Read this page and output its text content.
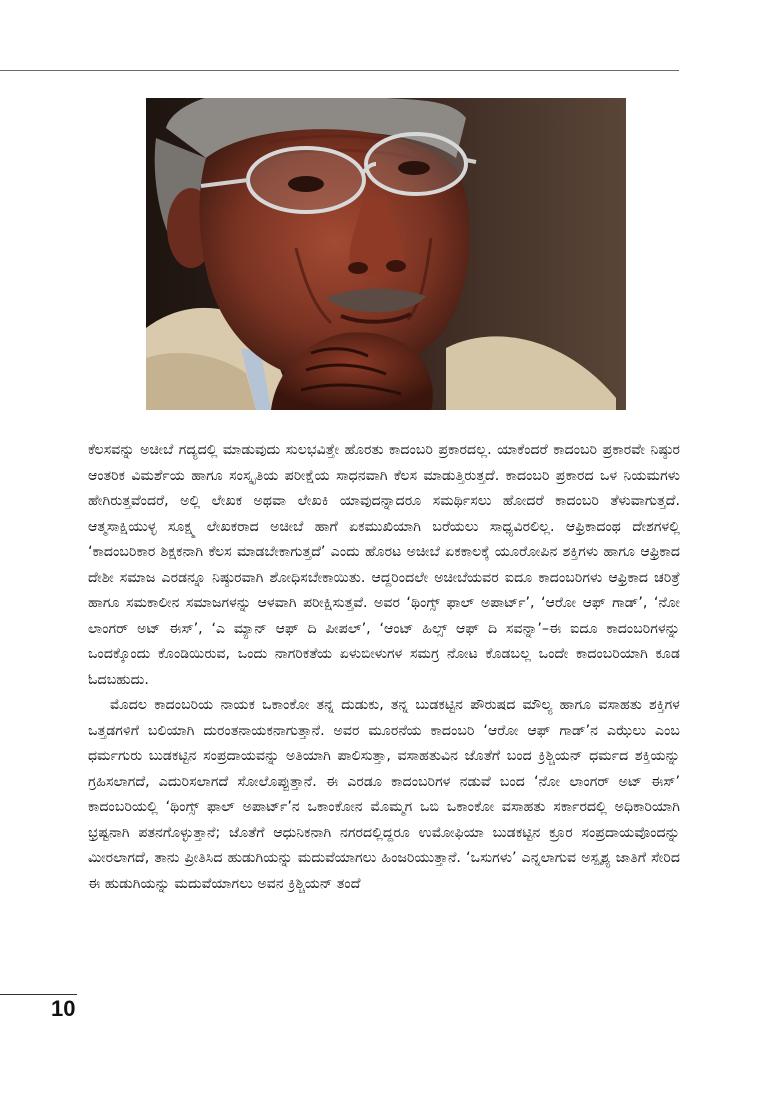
ಕೆಲಸವನ್ನು ಅಚೀಬೆ ಗದ್ಯದಲ್ಲಿ ಮಾಡುವುದು ಸುಲಭವಿತ್ತೇ ಹೊರತು ಕಾದಂಬರಿ ಪ್ರಕಾರದಲ್ಲ. ಯಾಕೆಂದರೆ ಕಾದಂಬರಿ ಪ್ರಕಾರವೇ ನಿಷ್ಠುರ ಆಂತರಿಕ ವಿಮರ್ಶೆಯ ಹಾಗೂ ಸಂಸ್ಕೃತಿಯ ಪರೀಕ್ಷೆಯ ಸಾಧನವಾಗಿ ಕೆಲಸ ಮಾಡುತ್ತಿರುತ್ತದೆ. ಕಾದಂಬರಿ ಪ್ರಕಾರದ ಒಳ ನಿಯಮಗಳು ಹೇಗಿರುತ್ತವೆಂದರೆ, ಅಲ್ಲಿ ಲೇಖಕ ಅಥವಾ ಲೇಖಕಿ ಯಾವುದನ್ನಾದರೂ ಸಮರ್ಥಿಸಲು ಹೋದರೆ ಕಾದಂಬರಿ ತೆಳುವಾಗುತ್ತದೆ. ಆತ್ಮಸಾಕ್ಷಿಯುಳ್ಳ ಸೂಕ್ಷ್ಮ ಲೇಖಕರಾದ ಅಚೀಬೆ ಹಾಗೆ ಏಕಮುಖಿಯಾಗಿ ಬರೆಯಲು ಸಾಧ್ಯವಿರಲಿಲ್ಲ. ಆಫ್ರಿಕಾದಂಥ ದೇಶಗಳಲ್ಲಿ ‘ಕಾದಂಬರಿಕಾರ ಶಿಕ್ಷಕನಾಗಿ ಕೆಲಸ ಮಾಡಬೇಕಾಗುತ್ತದೆ’ ಎಂದು ಹೊರಟ ಅಚೀಬೆ ಏಕಕಾಲಕ್ಕೆ ಯೂರೋಪಿನ ಶಕ್ತಿಗಳು ಹಾಗೂ ಆಫ್ರಿಕಾದ ದೇಶೀ ಸಮಾಜ ಎರಡನ್ನೂ ನಿಷ್ಠುರವಾಗಿ ಶೋಧಿಸಬೇಕಾಯಿತು. ಆದ್ದರಿಂದಲೇ ಅಚೀಬೆಯವರ ಐದೂ ಕಾದಂಬರಿಗಳು ಆಫ್ರಿಕಾದ ಚರಿತ್ರೆ ಹಾಗೂ ಸಮಕಾಲೀನ ಸಮಾಜಗಳನ್ನು ಆಳವಾಗಿ ಪರೀಕ್ಷಿಸುತ್ತವೆ. ಅವರ ‘ಥಿಂಗ್ಸ್ ಫಾಲ್ ಅಪಾರ್ಟ್’, ‘ಆರೋ ಆಫ್ ಗಾಡ್’, ‘ನೋ ಲಾಂಗರ್ ಅಟ್ ಈಸ್’, ‘ಎ ಮ್ಯಾನ್ ಆಫ್ ದಿ ಪೀಪಲ್’, ‘ಆಂಟ್ ಹಿಲ್ಸ್ ಆಫ್ ದಿ ಸವನ್ನಾ’–ಈ ಐದೂ ಕಾದಂಬರಿಗಳನ್ನು ಒಂದಕ್ಕೊಂದು ಕೊಂಡಿಯಿರುವ, ಒಂದು ನಾಗರಿಕತೆಯ ಏಳುಬೀಳುಗಳ ಸಮಗ್ರ ನೋಟ ಕೊಡಬಲ್ಲ ಒಂದೇ ಕಾದಂಬರಿಯಾಗಿ ಕೂಡ ಓದಬಹುದು.

ಮೊದಲ ಕಾದಂಬರಿಯ ನಾಯಕ ಒಕಾಂಕೋ ತನ್ನ ದುಡುಕು, ತನ್ನ ಬುಡಕಟ್ಟಿನ ಪೌರುಷದ ಮೌಲ್ಯ ಹಾಗೂ ವಸಾಹತು ಶಕ್ತಿಗಳ ಒತ್ತಡಗಳಿಗೆ ಬಲಿಯಾಗಿ ದುರಂತನಾಯಕನಾಗುತ್ತಾನೆ. ಅವರ ಮೂರನೆಯ ಕಾದಂಬರಿ ‘ಆರೋ ಆಫ್ ಗಾಡ್’ನ ಎಝೆಲು ಎಂಬ ಧರ್ಮಗುರು ಬುಡಕಟ್ಟಿನ ಸಂಪ್ರದಾಯವನ್ನು ಅತಿಯಾಗಿ ಪಾಲಿಸುತ್ತಾ, ವಸಾಹತುವಿನ ಜೊತೆಗೆ ಬಂದ ಕ್ರಿಶ್ಚಿಯನ್ ಧರ್ಮದ ಶಕ್ತಿಯನ್ನು ಗ್ರಹಿಸಲಾಗದೆ, ಎದುರಿಸಲಾಗದೆ ಸೋಲೊಪ್ಪುತ್ತಾನೆ. ಈ ಎರಡೂ ಕಾದಂಬರಿಗಳ ನಡುವೆ ಬಂದ ‘ನೋ ಲಾಂಗರ್ ಅಟ್ ಈಸ್’ ಕಾದಂಬರಿಯಲ್ಲಿ ‘ಥಿಂಗ್ಸ್ ಫಾಲ್ ಅಪಾರ್ಟ್’ನ ಒಕಾಂಕೋನ ಮೊಮ್ಮಗ ಒಬಿ ಒಕಾಂಕೋ ವಸಾಹತು ಸರ್ಕಾರದಲ್ಲಿ ಅಧಿಕಾರಿಯಾಗಿ ಭ್ರಷ್ಟನಾಗಿ ಪತನಗೊಳ್ಳುತ್ತಾನೆ; ಜೊತೆಗೆ ಆಧುನಿಕನಾಗಿ ನಗರದಲ್ಲಿದ್ದರೂ ಉಮೋಫಿಯಾ ಬುಡಕಟ್ಟಿನ ಕ್ರೂರ ಸಂಪ್ರದಾಯವೊಂದನ್ನು ಮೀರಲಾಗದೆ, ತಾನು ಪ್ರೀತಿಸಿದ ಹುಡುಗಿಯನ್ನು ಮದುವೆಯಾಗಲು ಹಿಂಜರಿಯುತ್ತಾನೆ. ‘ಒಸುಗಳು’ ಎನ್ನಲಾಗುವ ಅಸ್ಪೃಶ್ಯ ಜಾತಿಗೆ ಸೇರಿದ ಈ ಹುಡುಗಿಯನ್ನು ಮದುವೆಯಾಗಲು ಅವನ ಕ್ರಿಶ್ಚಿಯನ್ ತಂದೆ

10
